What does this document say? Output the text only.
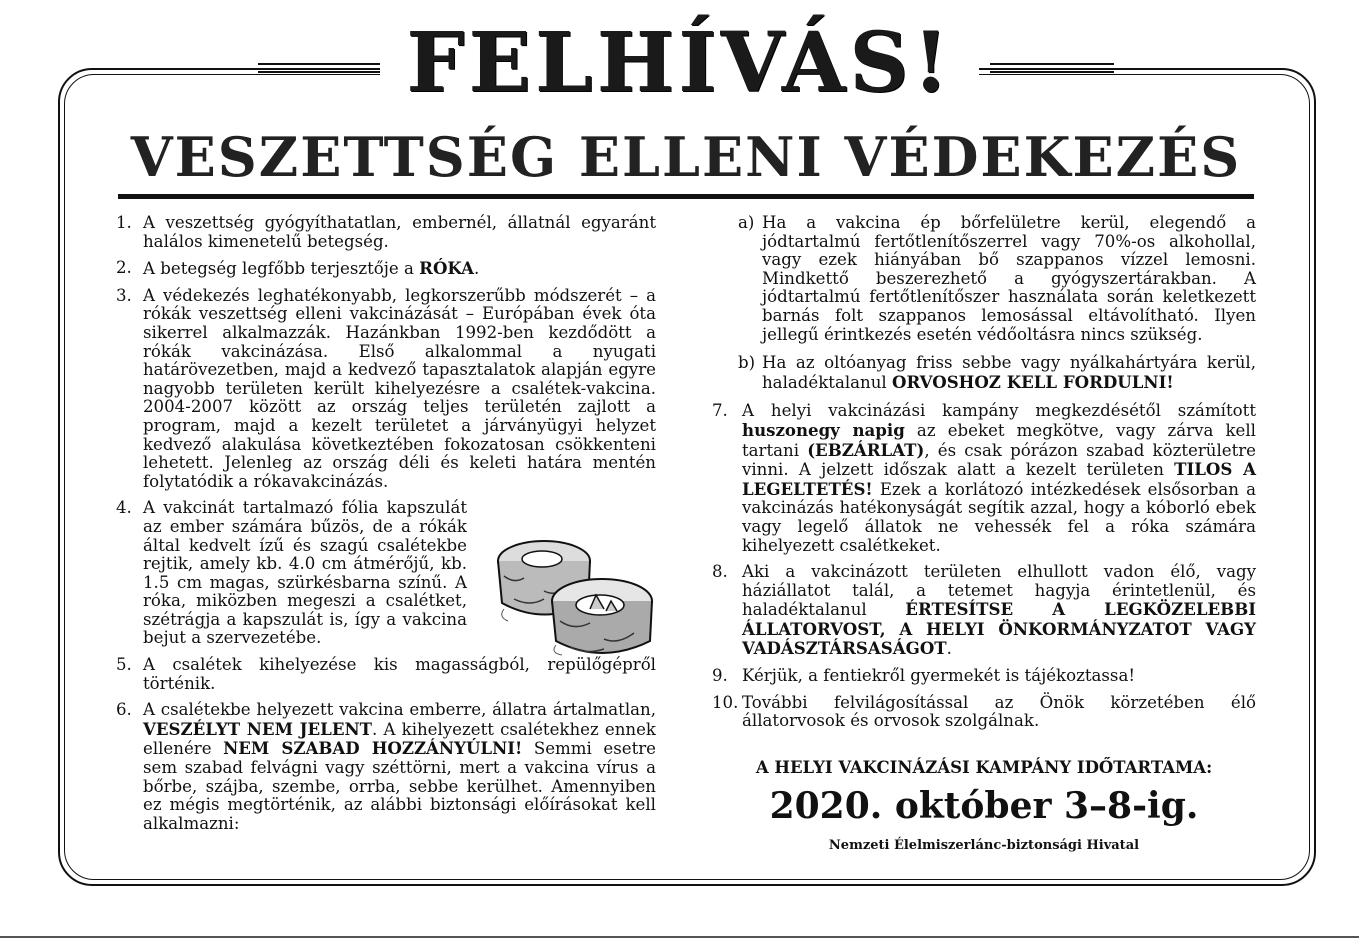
FELHÍVÁS!
VESZETTSÉG ELLENI VÉDEKEZÉS
1. A veszettség gyógyíthatatlan, embernél, állatnál egyaránt halálos kimenetelű betegség.
2. A betegség legfőbb terjesztője a RÓKA.
3. A védekezés leghatékonyabb, legkorszerűbb módszerét – a rókák veszettség elleni vakcinázását – Európában évek óta sikerrel alkalmazzák. Hazánkban 1992-ben kezdődött a rókák vakcinázása. Első alkalommal a nyugati határövezetben, majd a kedvező tapasztalatok alapján egyre nagyobb területen került kihelyezésre a csalétek-vakcina. 2004-2007 között az ország teljes területén zajlott a program, majd a kezelt területet a járványügyi helyzet kedvező alakulása következtében fokozatosan csökkenteni lehetett. Jelenleg az ország déli és keleti határa mentén folytatódik a rókavakcinázás.
4. A vakcinát tartalmazó fólia kapszulát az ember számára bűzös, de a rókák által kedvelt ízű és szagú csalétekbe rejtik, amely kb. 4.0 cm átmérőjű, kb. 1.5 cm magas, szürkésbarna színű. A róka, miközben megeszi a csalétket, szétrágja a kapszulát is, így a vakcina bejut a szervezetébe.
5. A csalétek kihelyezése kis magasságból, repülőgépről történik.
6. A csalétekbe helyezett vakcina emberre, állatra ártalmatlan, VESZÉLYT NEM JELENT. A kihelyezett csalétekhez ennek ellenére NEM SZABAD HOZZÁNYÚLNI! Semmi esetre sem szabad felvágni vagy széttörni, mert a vakcina vírus a bőrbe, szájba, szembe, orrba, sebbe kerülhet. Amennyiben ez mégis megtörténik, az alábbi biztonsági előírásokat kell alkalmazni:
a) Ha a vakcina ép bőrfelületre kerül, elegendő a jódtartalmú fertőtlenítőszerrel vagy 70%-os alkohollal, vagy ezek hiányában bő szappanos vízzel lemosni. Mindkettő beszerezhető a gyógyszertárakban. A jódtartalmú fertőtlenítőszer használata során keletkezett barnás folt szappanos lemosással eltávolítható. Ilyen jellegű érintkezés esetén védőoltásra nincs szükség.
b) Ha az oltóanyag friss sebbe vagy nyálkahártyára kerül, haladéktalanul ORVOSHOZ KELL FORDULNI!
7. A helyi vakcinázási kampány megkezdésétől számított huszonegy napig az ebeket megkötve, vagy zárva kell tartani (EBZÁRLAT), és csak pórázon szabad közterületre vinni. A jelzett időszak alatt a kezelt területen TILOS A LEGELTETÉS! Ezek a korlátozó intézkedések elsősorban a vakcinázás hatékonyságát segítik azzal, hogy a kóborló ebek vagy legelő állatok ne vehessék fel a róka számára kihelyezett csalétkeket.
8. Aki a vakcinázott területen elhullott vadon élő, vagy háziállatot talál, a tetemet hagyja érintetlenül, és haladéktalanul ÉRTESÍTSE A LEGKÖZELEBBI ÁLLATORVOST, A HELYI ÖNKORMÁNYZATOT VAGY VADÁSZTÁRSASÁGOT.
9. Kérjük, a fentiekről gyermekét is tájékoztassa!
10. További felvilágosítással az Önök körzetében élő állatorvosok és orvosok szolgálnak.
A HELYI VAKCINÁZÁSI KAMPÁNY IDŐTARTAMA:
2020. október 3–8-ig.
Nemzeti Élelmiszerlánc-biztonsági Hivatal
